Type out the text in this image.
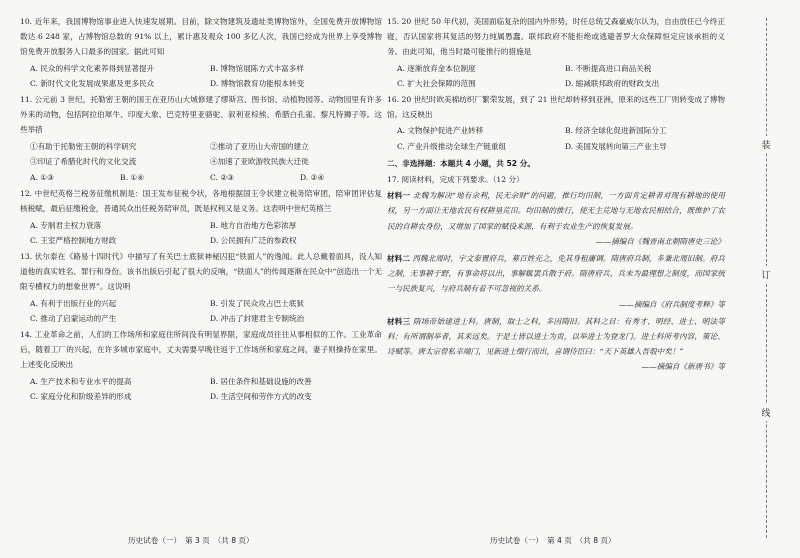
10. 近年来，我国博物馆事业进入快速发展期。目前，除文物建筑及遗址类博物馆外，全国免费开放博物馆数达 6 248 家，占博物馆总数的 91% 以上，累计惠及观众 100 多亿人次，我国已经成为世界上享受博物馆免费开放服务人口最多的国家。据此可知

A. 民众的科学文化素养得到显著提升	B. 博物馆展陈方式丰富多样

C. 新时代文化发展成果惠及更多民众	D. 博物馆教育功能根本转变

11. 公元前 3 世纪，托勒密王朝的国王在亚历山大城修建了缪斯宫、图书馆、动植物园等。动物园里有许多外来的动物，包括阿拉伯犀牛、印度大象、巴克特里亚骆驼、叙利亚棕熊、希腊白孔雀、黎凡特狮子等。这些举措

①有助于托勒密王朝的科学研究	②推动了亚历山大帝国的建立

③印证了希腊化时代的文化交流	④加速了亚欧游牧民族大迁徙

A. ①③	B. ①④	C. ②③	D. ②④

12. 中世纪英格兰税务征缴机制是：国王发布征税令状，各地根据国王令状建立税务陪审团，陪审团评估复核税赋，最后征缴税金，普通民众出任税务陪审员，既是权利又是义务。这表明中世纪英格兰

A. 专制君主权力衰落	B. 地方自治地方色彩浓厚

C. 王室严格控制地方财政	D. 公民拥有广泛的参政权

13. 伏尔泰在《路易十四时代》中描写了有关巴士底狱神秘囚犯“铁面人”的逸闻。此人总戴着面具，没人知道他的真实姓名、罪行和身份。该书出版后引起了很大的反响，“铁面人”的传闻逐渐在民众中“创造出一个无限专横权力的想象世界”。这说明

A. 有利于出版行业的兴起	B. 引发了民众攻占巴士底狱

C. 推动了启蒙运动的产生	D. 冲击了封建君主专制统治

14. 工业革命之前，人们的工作场所和家庭住所间没有明显界限，家庭成员往往从事相似的工作。工业革命后，随着工厂的兴起，在许多城市家庭中，丈夫需要早晚往返于工作场所和家庭之间，妻子则操持在家里。上述变化反映出

A. 生产技术和专业水平的提高	B. 居住条件和基础设施的改善

C. 家庭分化和阶级差异的形成	D. 生活空间和劳作方式的改变

15. 20 世纪 50 年代初，美国面临复杂的国内外形势，时任总统艾森豪威尔认为，自由放任已今终正寝，否认国家将其复活的努力纯属愚蠢。联邦政府不能拒绝或逃避普罗大众保障恒定应该承担的义务。由此可知，他当时最可能推行的措施是

A. 逐渐放弃金本位制度	B. 不断提高进口商品关税

C. 扩大社会保障的范围	D. 缩减联邦政府的财政支出

16. 20 世纪时欧美棉纺织厂繁荣发展，到了 21 世纪却转移到亚洲，原来的这些工厂则转变成了博物馆。这反映出

A. 文物保护促进产业转移	B. 经济全球化促进新国际分工

C. 产业升级推动全球生产链重组	D. 美国发展转向第三产业主导

二、非选择题：本题共 4 小题，共 52 分。

17. 阅读材料，完成下列要求。（12 分）

材料一 北魏为解决“地有余利，民无余财”的问题，推行均田制，一方面肯定耕者对现有耕地的使用权，另一方面让无地农民有权耕垦荒田。均田制的推行，使无主荒地与无地农民相结合，既维护了农民的自耕农身份，又增加了国家的赋役来源，有利于农业生产的恢复发展。

——摘编自《魏晋南北朝隋唐史三论》

材料二 西魏北周时，宇文泰置府兵，募百姓充之，免其身租庸调。隋唐府兵制，多兼北周旧制。府兵之制，无事耕于野，有事命将以出，事解辄罢兵散于府。隋唐府兵，兵未为最理想之制度，而国家统一与民族复兴，与府兵制有着不可忽视的关系。

——摘编自《府兵制度考释》等

材料三 隋场帝始建进士科。唐制，取士之科，多因隋旧。其科之目：有秀才、明经、进士、明法等科；有所谓制举者，其来远矣。于是士皆以进士为贵，以举进士为登龙门。进士科所考内容，策论、诗赋等。唐太宗曾私幸端门，见新进士缀行而出，喜谓侍臣曰：“天下英雄入吾彀中矣！”

——摘编自《新唐书》等

历史试卷（一）　第 3 页　（共 8 页）	历史试卷（一）　第 4 页　（共 8 页）
装
订
线
